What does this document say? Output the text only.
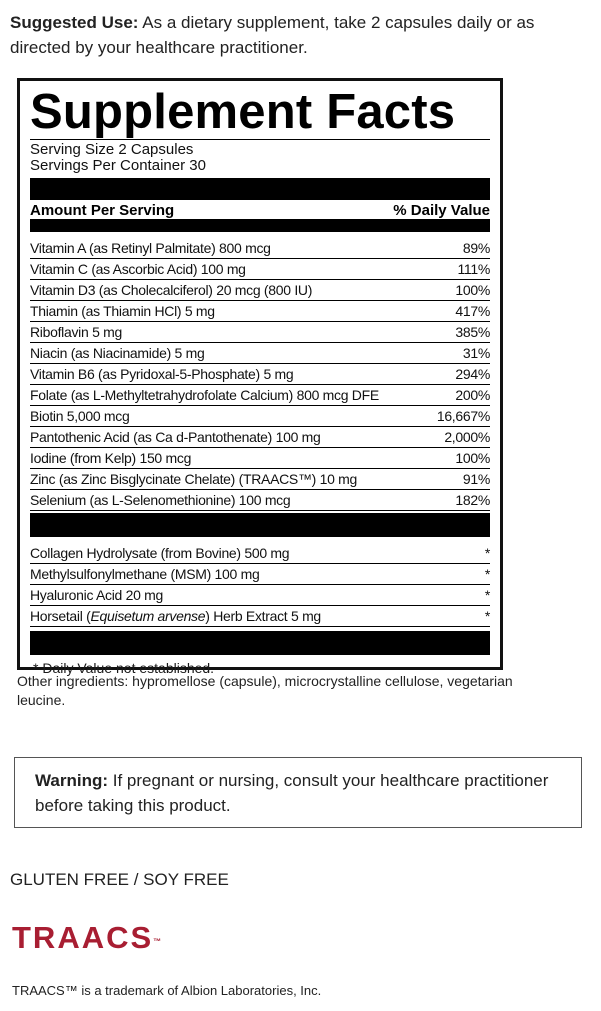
Suggested Use: As a dietary supplement, take 2 capsules daily or as directed by your healthcare practitioner.
Supplement Facts
Serving Size 2 Capsules
Servings Per Container 30
Amount Per Serving	% Daily Value
Vitamin A (as Retinyl Palmitate) 800 mcg	89%
Vitamin C (as Ascorbic Acid) 100 mg	111%
Vitamin D3 (as Cholecalciferol) 20 mcg (800 IU)	100%
Thiamin (as Thiamin HCl) 5 mg	417%
Riboflavin 5 mg	385%
Niacin (as Niacinamide) 5 mg	31%
Vitamin B6 (as Pyridoxal-5-Phosphate) 5 mg	294%
Folate (as L-Methyltetrahydrofolate Calcium) 800 mcg DFE	200%
Biotin 5,000 mcg	16,667%
Pantothenic Acid (as Ca d-Pantothenate) 100 mg	2,000%
Iodine (from Kelp) 150 mcg	100%
Zinc (as Zinc Bisglycinate Chelate) (TRAACS™) 10 mg	91%
Selenium (as L-Selenomethionine) 100 mcg	182%
Collagen Hydrolysate (from Bovine) 500 mg	*
Methylsulfonylmethane (MSM) 100 mg	*
Hyaluronic Acid 20 mg	*
Horsetail (Equisetum arvense) Herb Extract 5 mg	*
* Daily Value not established.
Other ingredients: hypromellose (capsule), microcrystalline cellulose, vegetarian leucine.
Warning: If pregnant or nursing, consult your healthcare practitioner before taking this product.
GLUTEN FREE / SOY FREE
TRAACS™
TRAACS™ is a trademark of Albion Laboratories, Inc.
